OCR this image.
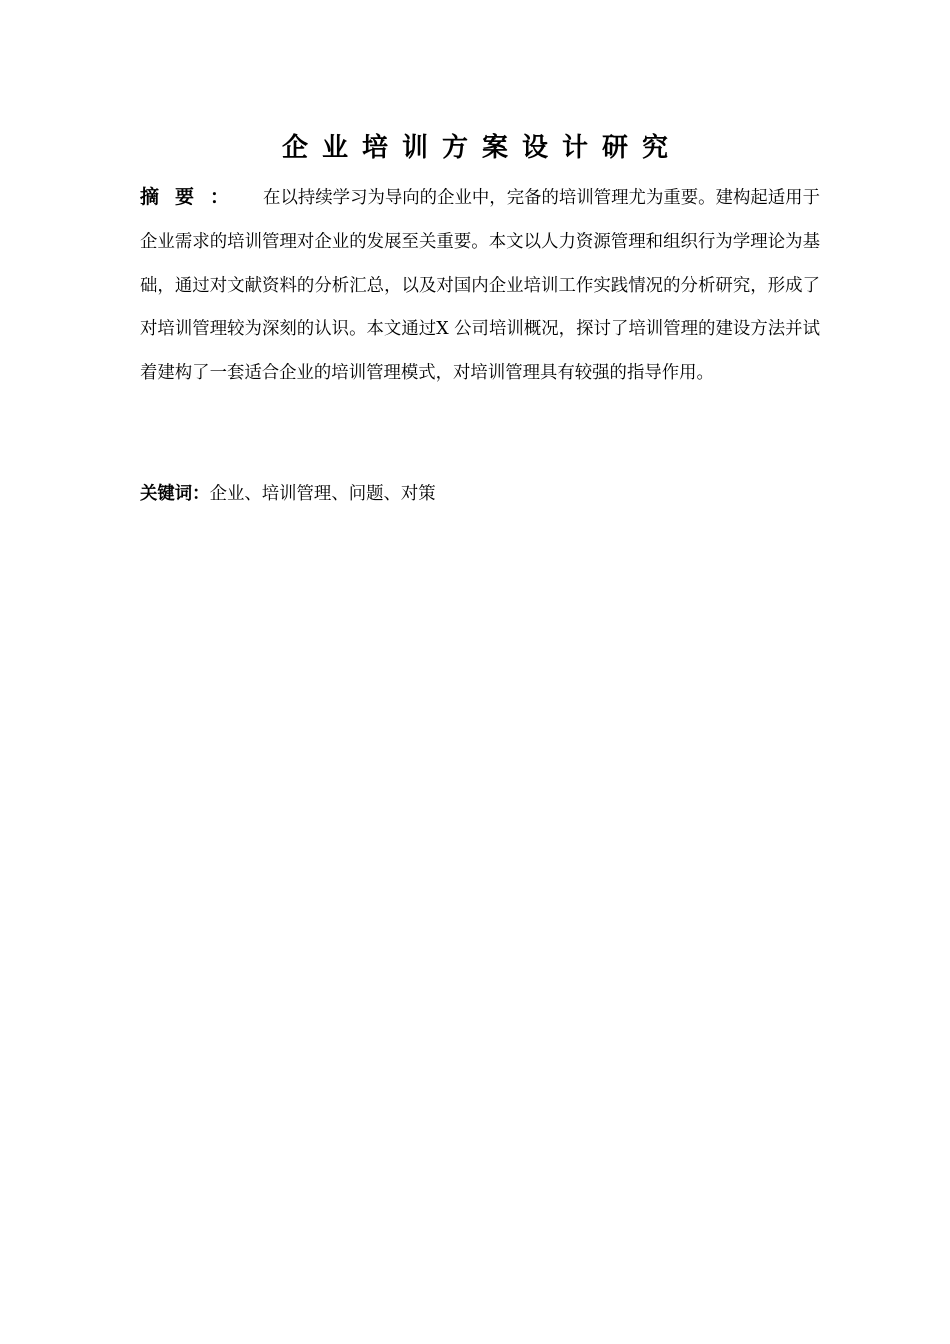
企业培训方案设计研究
摘要： 在以持续学习为导向的企业中，完备的培训管理尤为重要。建构起适用于企业需求的培训管理对企业的发展至关重要。本文以人力资源管理和组织行为学理论为基础，通过对文献资料的分析汇总，以及对国内企业培训工作实践情况的分析研究，形成了对培训管理较为深刻的认识。本文通过X 公司培训概况，探讨了培训管理的建设方法并试着建构了一套适合企业的培训管理模式，对培训管理具有较强的指导作用。
关键词：企业、培训管理、问题、对策
